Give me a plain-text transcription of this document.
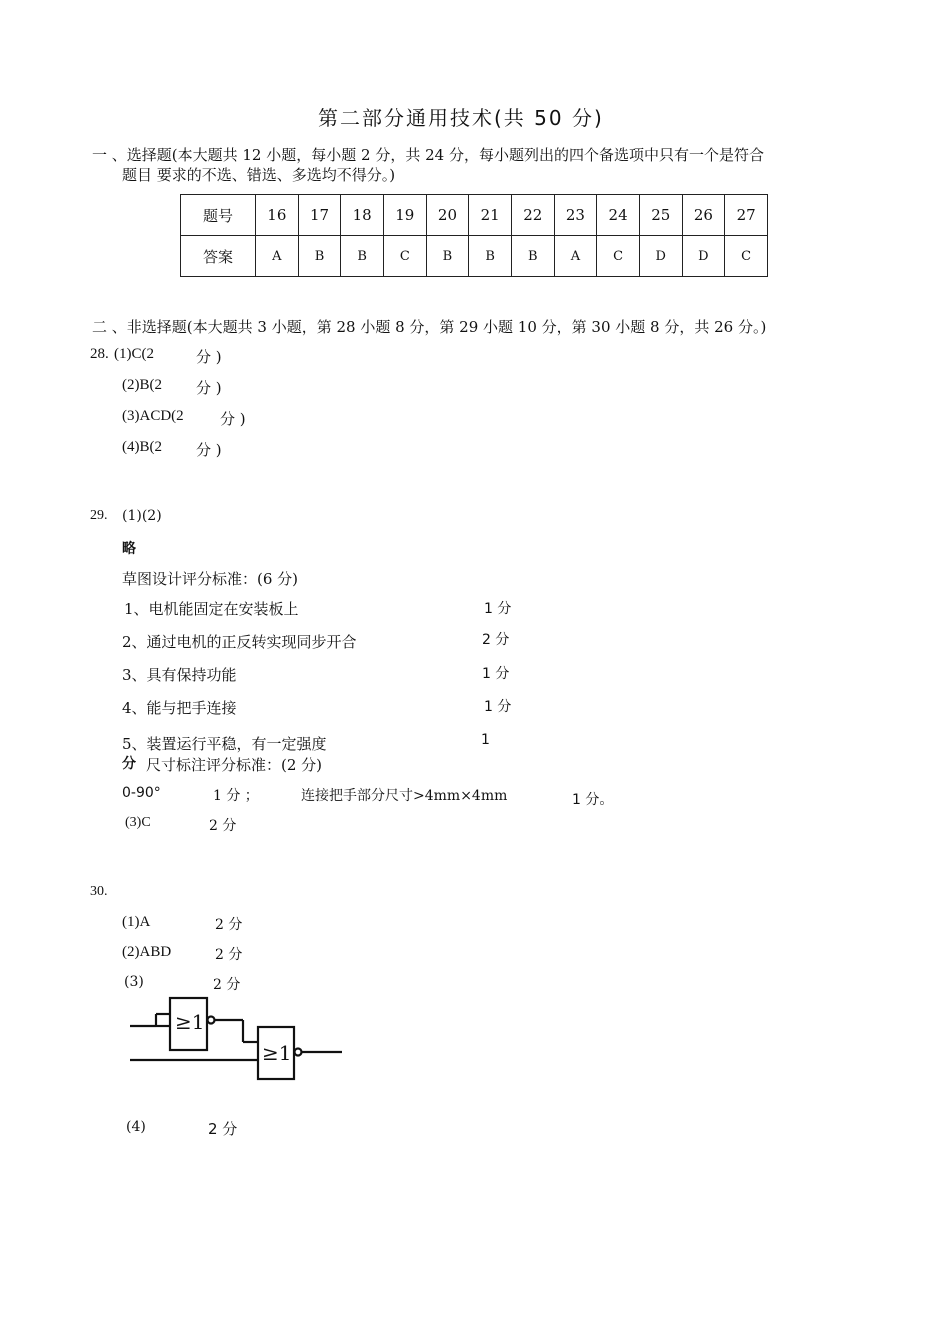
第二部分通用技术(共 50 分)
一 、选择题(本大题共 12 小题，每小题 2 分，共 24 分，每小题列出的四个备选项中只有一个是符合
题目 要求的不选、错选、多选均不得分。)
题号	16	17	18	19	20	21	22	23	24	25	26	27
答案	A	B	B	C	B	B	B	A	C	D	D	C
二 、非选择题(本大题共 3 小题，第 28 小题 8 分，第 29 小题 10 分，第 30 小题 8 分，共 26 分。)
28. (1)C(2	分 )
(2)B(2 分 )
(3)ACD(2 分 )
(4)B(2 分 )
29. (1)(2)
略
草图设计评分标准：(6 分)
1、电机能固定在安装板上	1 分
2、通过电机的正反转实现同步开合	2 分
3、具有保持功能	1 分
4、能与把手连接	1 分
5、装置运行平稳，有一定强度	1
分 尺寸标注评分标准：(2 分)
0-90°	1 分 ；	连接把手部分尺寸>4mm×4mm	1 分。
(3)C	2 分
30.
(1)A	2 分
(2)ABD	2 分
(3)	2 分
≥1
≥1
(4)	2 分
